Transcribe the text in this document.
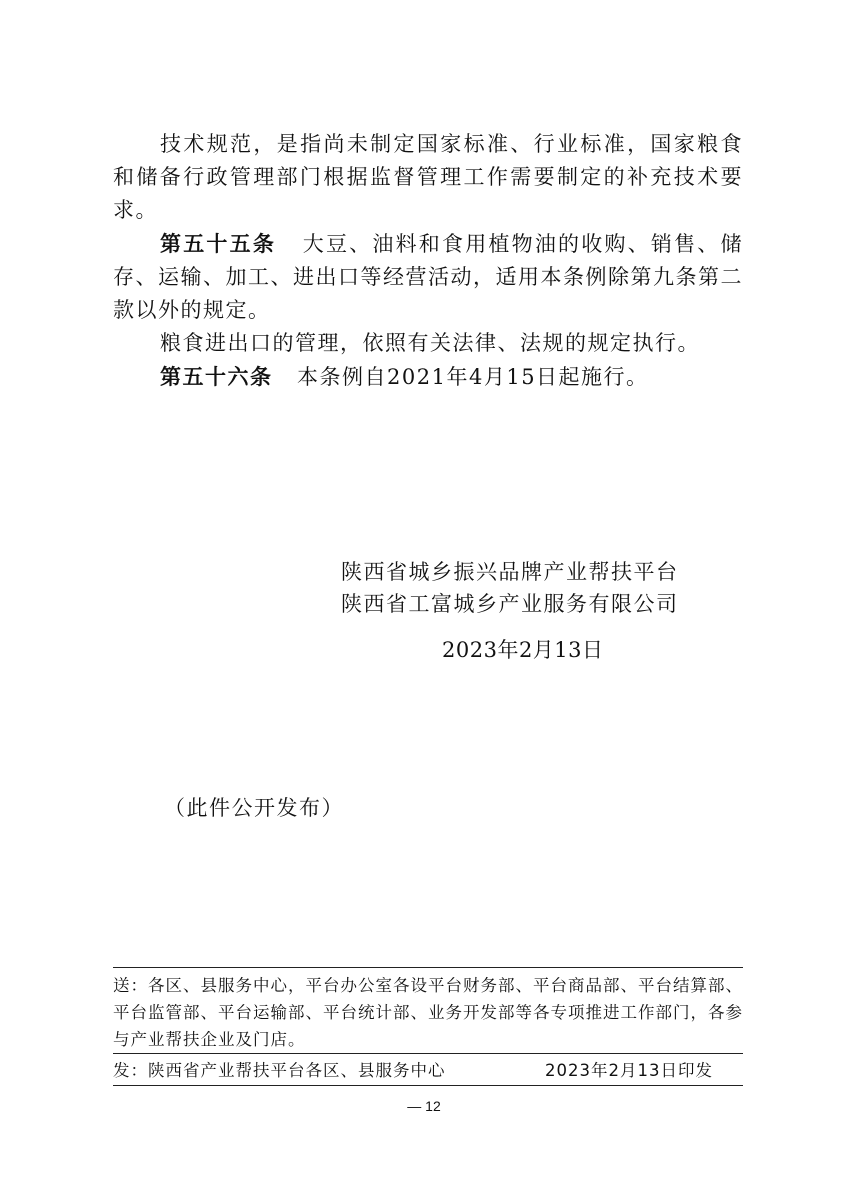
技术规范，是指尚未制定国家标准、行业标准，国家粮食和储备行政管理部门根据监督管理工作需要制定的补充技术要求。

第五十五条 大豆、油料和食用植物油的收购、销售、储存、运输、加工、进出口等经营活动，适用本条例除第九条第二款以外的规定。

粮食进出口的管理，依照有关法律、法规的规定执行。

第五十六条 本条例自2021年4月15日起施行。

陕西省城乡振兴品牌产业帮扶平台
陕西省工富城乡产业服务有限公司
2023年2月13日
（此件公开发布）

送：各区、县服务中心，平台办公室各设平台财务部、平台商品部、平台结算部、平台监管部、平台运输部、平台统计部、业务开发部等各专项推进工作部门，各参与产业帮扶企业及门店。

发：陕西省产业帮扶平台各区、县服务中心	2023年2月13日印发
— 12
